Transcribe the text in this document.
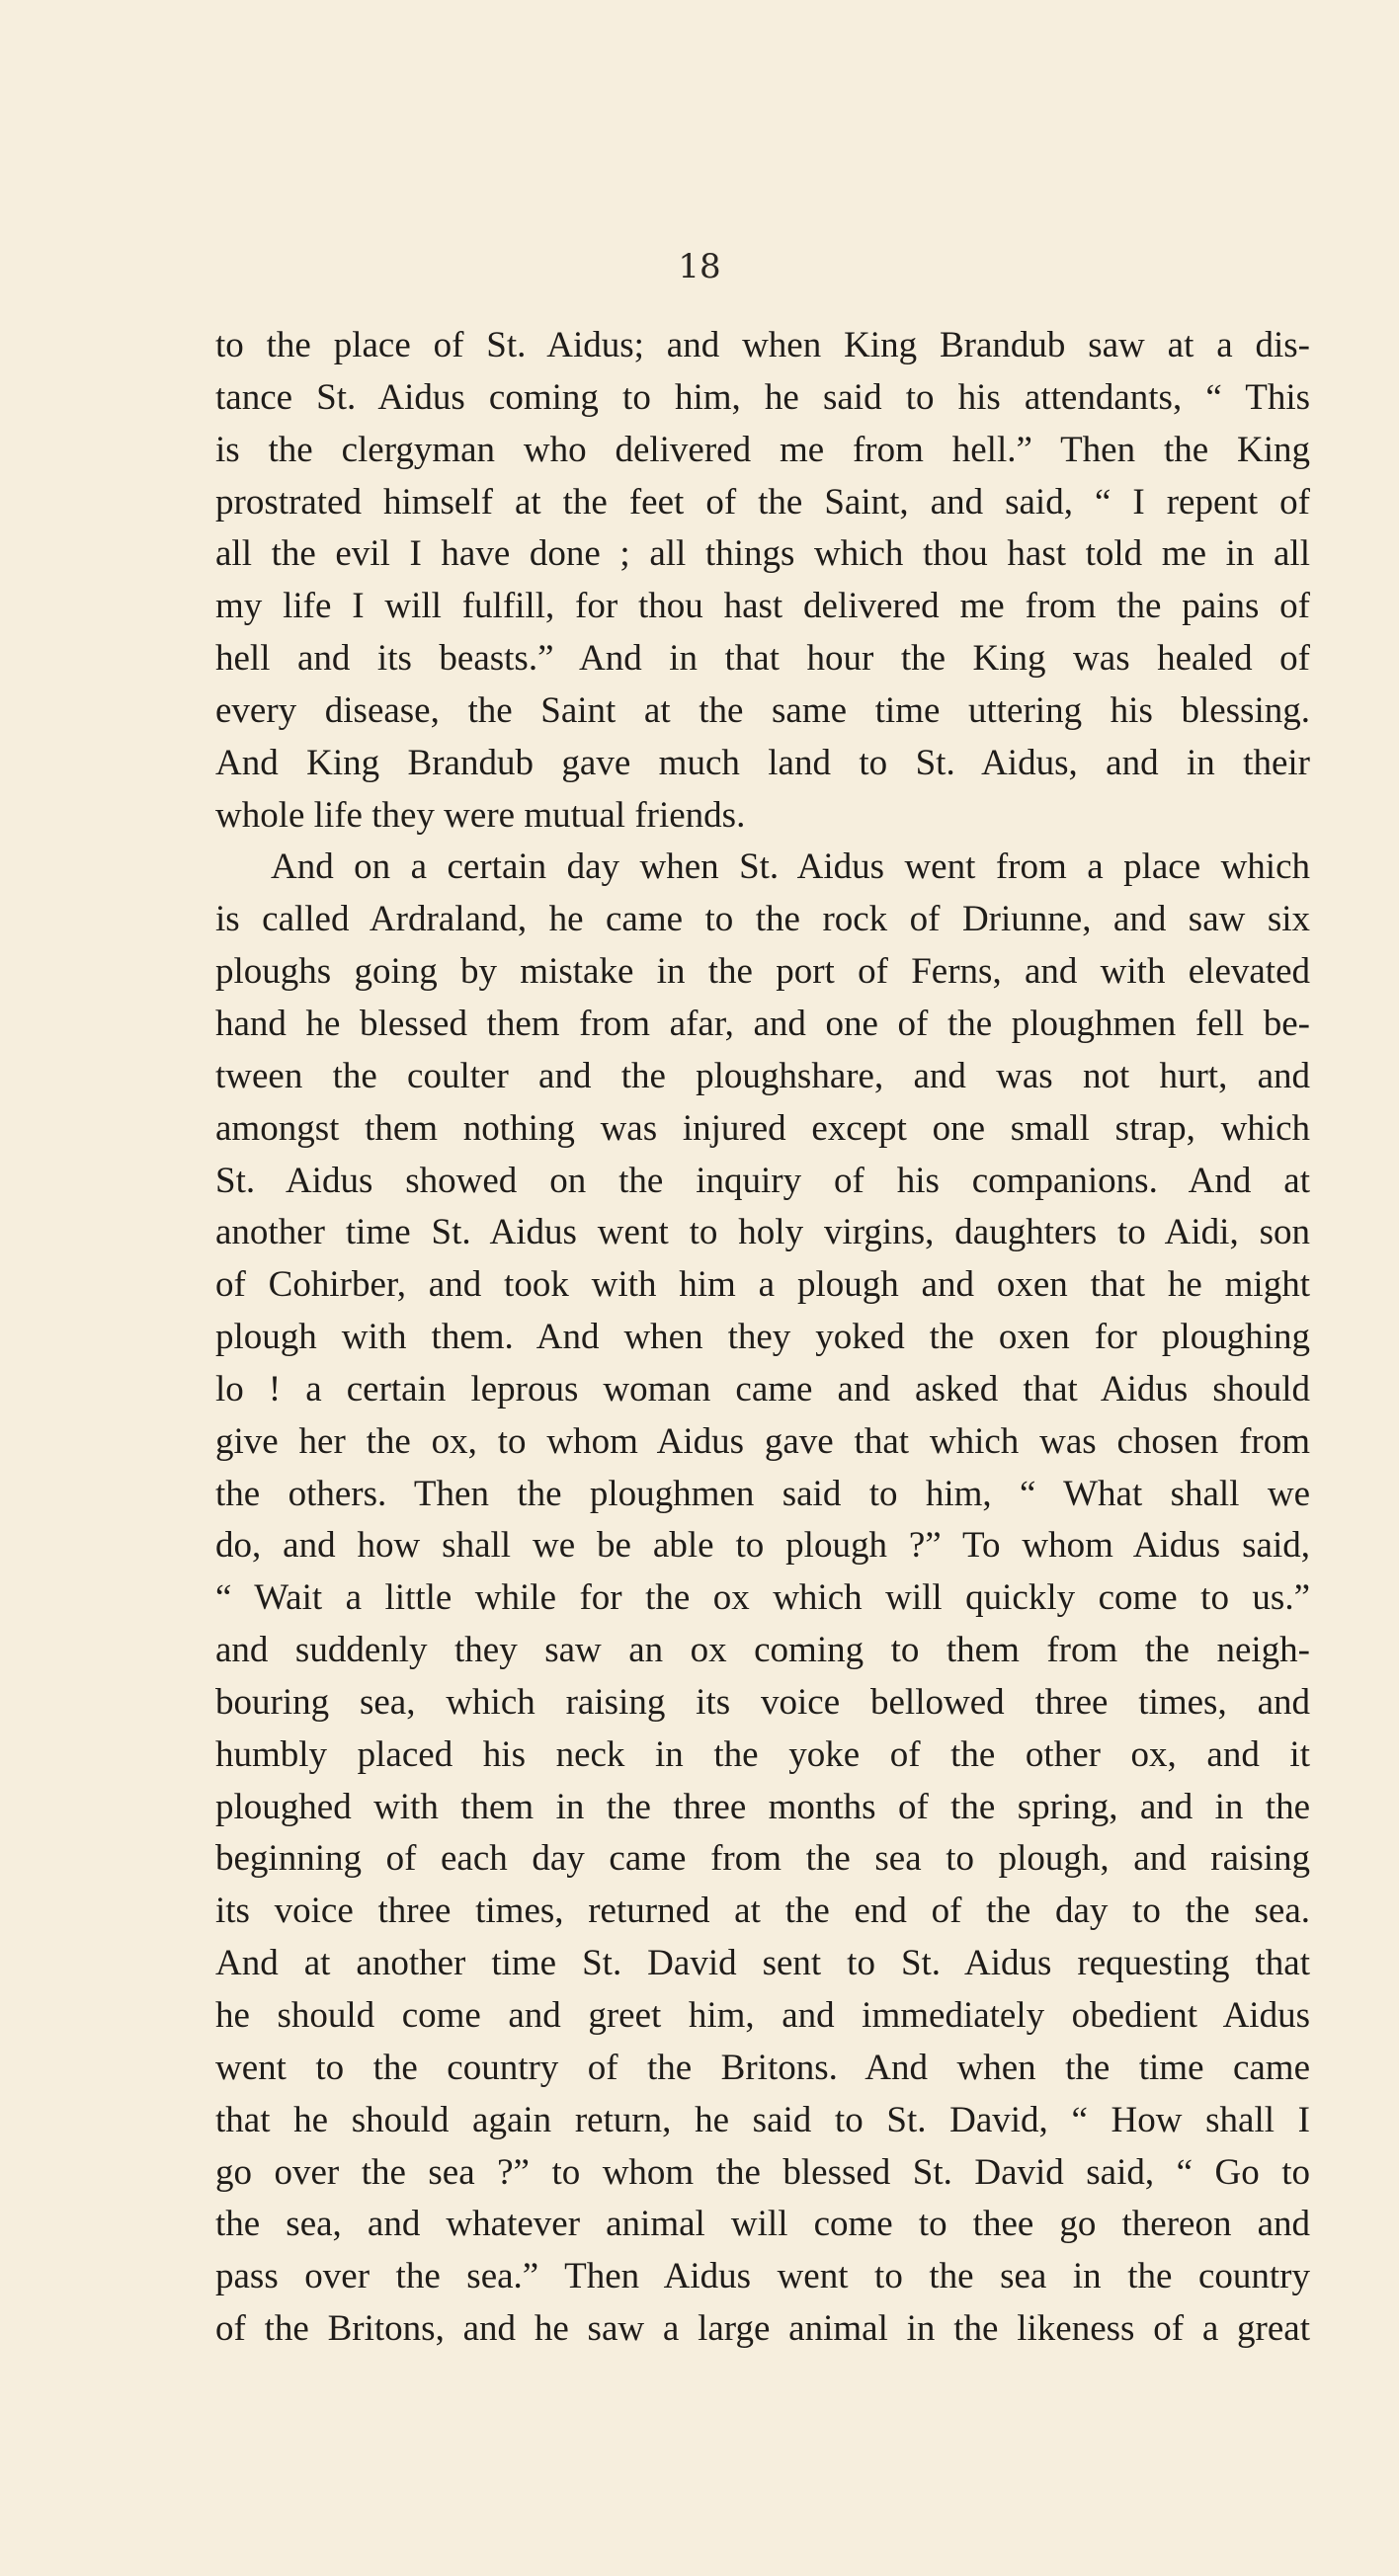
18
to the place of St. Aidus; and when King Brandub saw at a dis-
tance St. Aidus coming to him, he said to his attendants, “ This
is the clergyman who delivered me from hell.” Then the King
prostrated himself at the feet of the Saint, and said, “ I repent of
all the evil I have done ; all things which thou hast told me in all
my life I will fulfill, for thou hast delivered me from the pains of
hell and its beasts.” And in that hour the King was healed of
every disease, the Saint at the same time uttering his blessing.
And King Brandub gave much land to St. Aidus, and in their
whole life they were mutual friends.
And on a certain day when St. Aidus went from a place which
is called Ardraland, he came to the rock of Driunne, and saw six
ploughs going by mistake in the port of Ferns, and with elevated
hand he blessed them from afar, and one of the ploughmen fell be-
tween the coulter and the ploughshare, and was not hurt, and
amongst them nothing was injured except one small strap, which
St. Aidus showed on the inquiry of his companions. And at
another time St. Aidus went to holy virgins, daughters to Aidi, son
of Cohirber, and took with him a plough and oxen that he might
plough with them. And when they yoked the oxen for ploughing
lo ! a certain leprous woman came and asked that Aidus should
give her the ox, to whom Aidus gave that which was chosen from
the others. Then the ploughmen said to him, “ What shall we
do, and how shall we be able to plough ?” To whom Aidus said,
“ Wait a little while for the ox which will quickly come to us.”
and suddenly they saw an ox coming to them from the neigh-
bouring sea, which raising its voice bellowed three times, and
humbly placed his neck in the yoke of the other ox, and it
ploughed with them in the three months of the spring, and in the
beginning of each day came from the sea to plough, and raising
its voice three times, returned at the end of the day to the sea.
And at another time St. David sent to St. Aidus requesting that
he should come and greet him, and immediately obedient Aidus
went to the country of the Britons. And when the time came
that he should again return, he said to St. David, “ How shall I
go over the sea ?” to whom the blessed St. David said, “ Go to
the sea, and whatever animal will come to thee go thereon and
pass over the sea.” Then Aidus went to the sea in the country
of the Britons, and he saw a large animal in the likeness of a great
